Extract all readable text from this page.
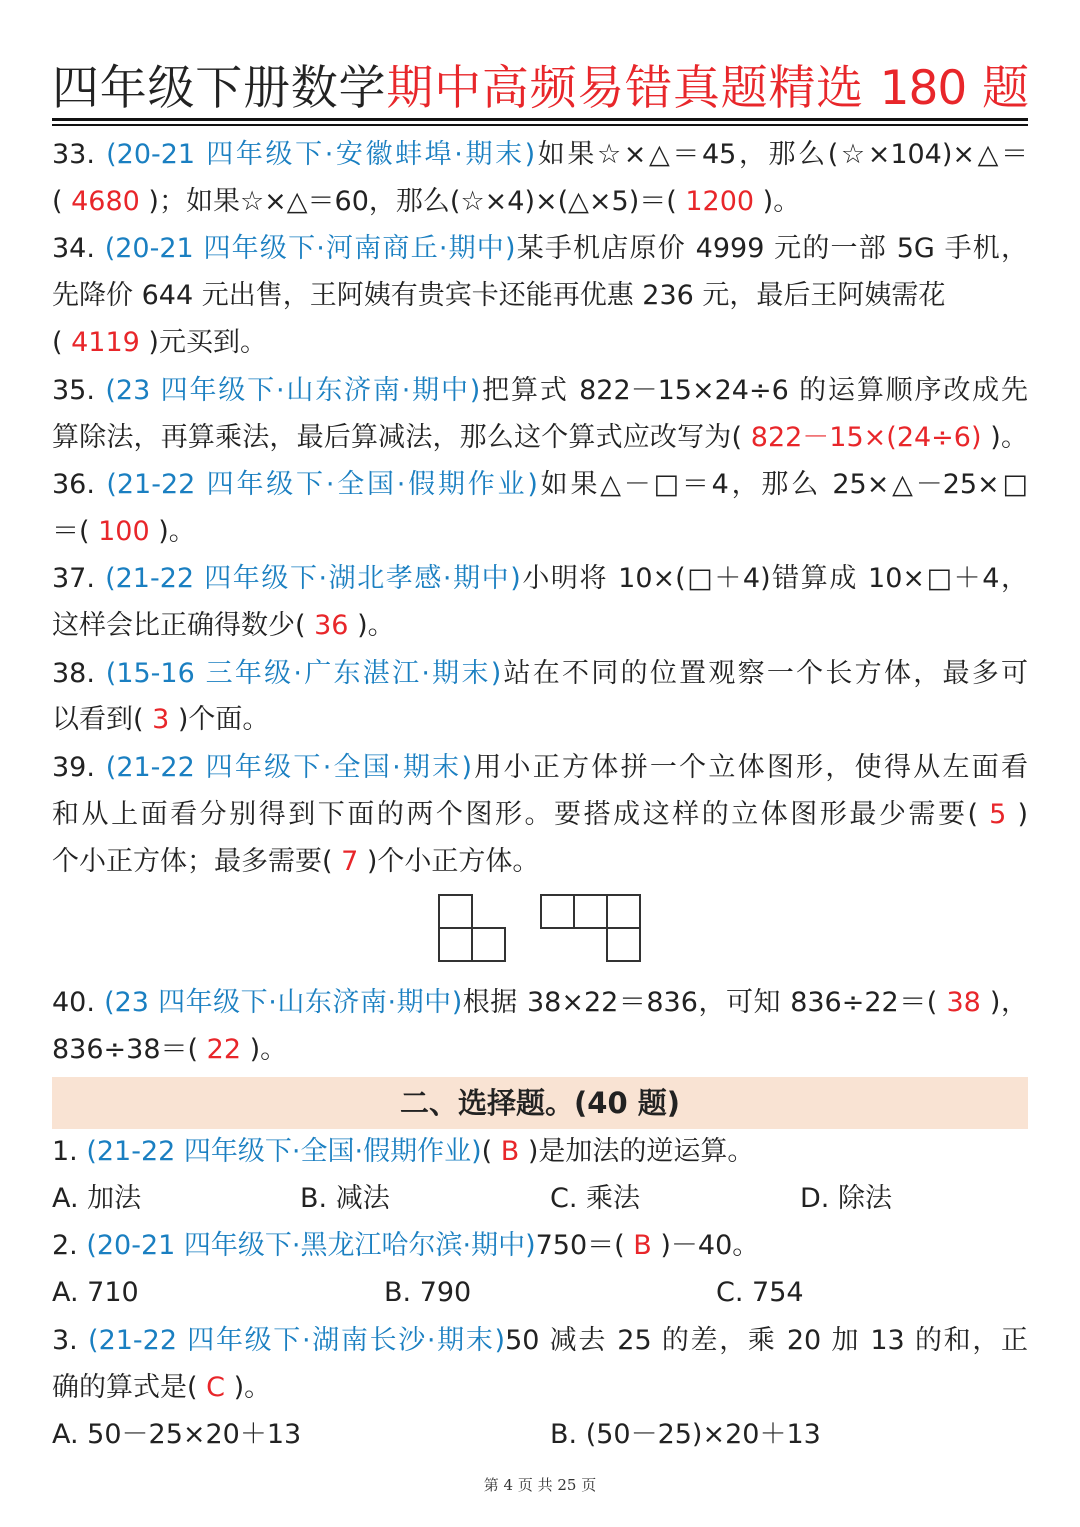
四年级下册数学期中高频易错真题精选 180 题
33. (20-21 四年级下·安徽蚌埠·期末)如果☆×△＝45，那么(☆×104)×△＝
( 4680 )；如果☆×△＝60，那么(☆×4)×(△×5)＝( 1200 )。
34. (20-21 四年级下·河南商丘·期中)某手机店原价 4999 元的一部 5G 手机，
先降价 644 元出售，王阿姨有贵宾卡还能再优惠 236 元，最后王阿姨需花
( 4119 )元买到。
35. (23 四年级下·山东济南·期中)把算式 822－15×24÷6 的运算顺序改成先
算除法，再算乘法，最后算减法，那么这个算式应改写为( 822－15×(24÷6) )。
36. (21-22 四年级下·全国·假期作业)如果△－□＝4，那么 25×△－25×□
＝( 100 )。
37. (21-22 四年级下·湖北孝感·期中)小明将 10×(□＋4)错算成 10×□＋4，
这样会比正确得数少( 36 )。
38. (15-16 三年级·广东湛江·期末)站在不同的位置观察一个长方体，最多可
以看到( 3 )个面。
39. (21-22 四年级下·全国·期末)用小正方体拼一个立体图形，使得从左面看
和从上面看分别得到下面的两个图形。要搭成这样的立体图形最少需要( 5 )
个小正方体；最多需要( 7 )个小正方体。
40. (23 四年级下·山东济南·期中)根据 38×22＝836，可知 836÷22＝( 38 )，
836÷38＝( 22 )。
1. (21-22 四年级下·全国·假期作业)( B )是加法的逆运算。
2. (20-21 四年级下·黑龙江哈尔滨·期中)750＝( B )－40。
3. (21-22 四年级下·湖南长沙·期末)50 减去 25 的差，乘 20 加 13 的和，正
确的算式是( C )。
二、选择题。(40 题)
A. 加法	B. 减法	C. 乘法	D. 除法
A. 710	B. 790	C. 754
A. 50－25×20＋13	B. (50－25)×20＋13
第 4 页 共 25 页
